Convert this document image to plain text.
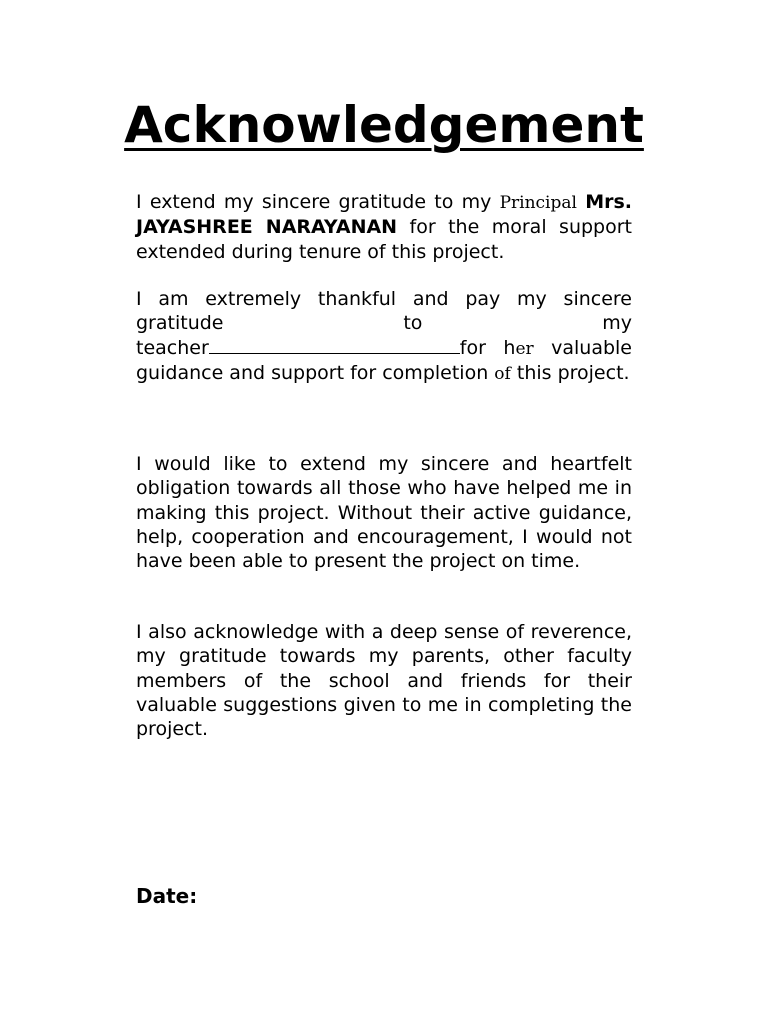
Acknowledgement

I extend my sincere gratitude to my Principal Mrs. JAYASHREE NARAYANAN for the moral support extended during tenure of this project.

I am extremely thankful and pay my sincere
gratitude	to	my
teacher	for her valuable guidance and support for completion of this project.

I would like to extend my sincere and heartfelt obligation towards all those who have helped me in making this project. Without their active guidance, help, cooperation and encouragement, I would not have been able to present the project on time.

I also acknowledge with a deep sense of reverence, my gratitude towards my parents, other faculty members of the school and friends for their valuable suggestions given to me in completing the project.

Date:
